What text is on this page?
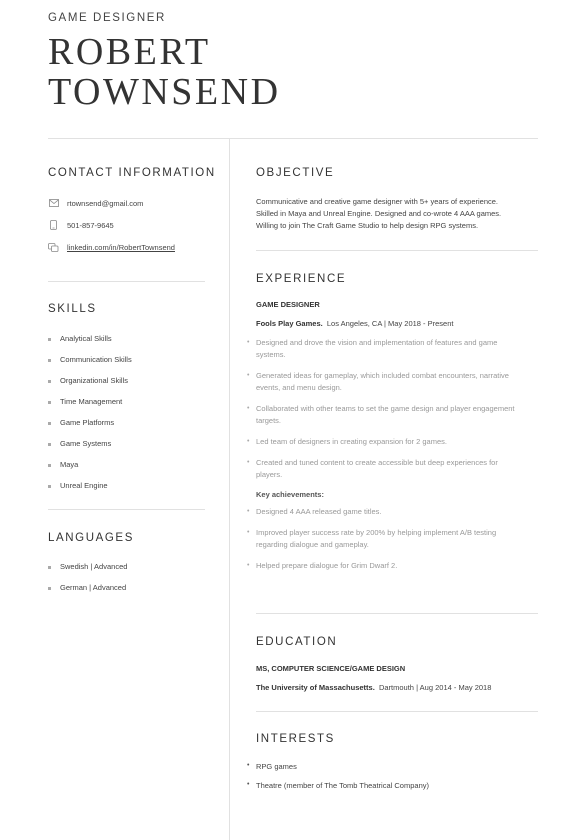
GAME DESIGNER
ROBERT
TOWNSEND
CONTACT INFORMATION
rtownsend@gmail.com
501-857-9645
linkedin.com/in/RobertTownsend
SKILLS
Analytical Skills
Communication Skills
Organizational Skills
Time Management
Game Platforms
Game Systems
Maya
Unreal Engine
LANGUAGES
Swedish | Advanced
German | Advanced
OBJECTIVE
Communicative and creative game designer with 5+ years of experience.
Skilled in Maya and Unreal Engine. Designed and co-wrote 4 AAA games.
Willing to join The Craft Game Studio to help design RPG systems.
EXPERIENCE
GAME DESIGNER
Fools Play Games. Los Angeles, CA | May 2018 - Present
• Designed and drove the vision and implementation of features and game
systems.
• Generated ideas for gameplay, which included combat encounters, narrative
events, and menu design.
• Collaborated with other teams to set the game design and player engagement
targets.
• Led team of designers in creating expansion for 2 games.
• Created and tuned content to create accessible but deep experiences for
players.
Key achievements:
• Designed 4 AAA released game titles.
• Improved player success rate by 200% by helping implement A/B testing
regarding dialogue and gameplay.
• Helped prepare dialogue for Grim Dwarf 2.
EDUCATION
MS, COMPUTER SCIENCE/GAME DESIGN
The University of Massachusetts. Dartmouth | Aug 2014 - May 2018
INTERESTS
• RPG games
• Theatre (member of The Tomb Theatrical Company)
